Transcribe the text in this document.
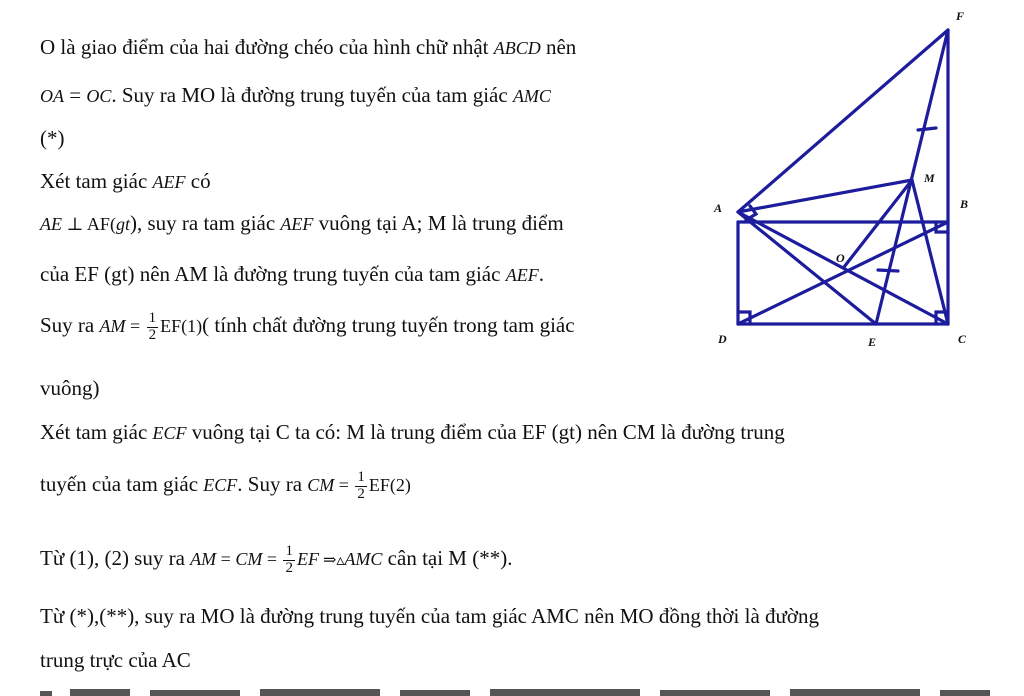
O là giao điểm của hai đường chéo của hình chữ nhật ABCD nên
OA = OC. Suy ra MO là đường trung tuyến của tam giác AMC
(*)
Xét tam giác AEF có
AE ⊥ AF(gt), suy ra tam giác AEF vuông tại A; M là trung điểm
của EF (gt) nên AM là đường trung tuyến của tam giác AEF.
Suy ra AM = $\frac{1}{2} EF(1)$( tính chất đường trung tuyến trong tam giác
vuông)
Xét tam giác ECF vuông tại C ta có: M là trung điểm của EF (gt) nên CM là đường trung
tuyến của tam giác ECF. Suy ra CM = $\frac{1}{2} EF(2)$
Từ (1), (2) suy ra AM = CM = $\frac{1}{2}$ EF ⇒▵AMC cân tại M (**).
Từ (*),(**), suy ra MO là đường trung tuyến của tam giác AMC nên MO đồng thời là đường
trung trực của AC
F
M
A	B
O
D	E	C
